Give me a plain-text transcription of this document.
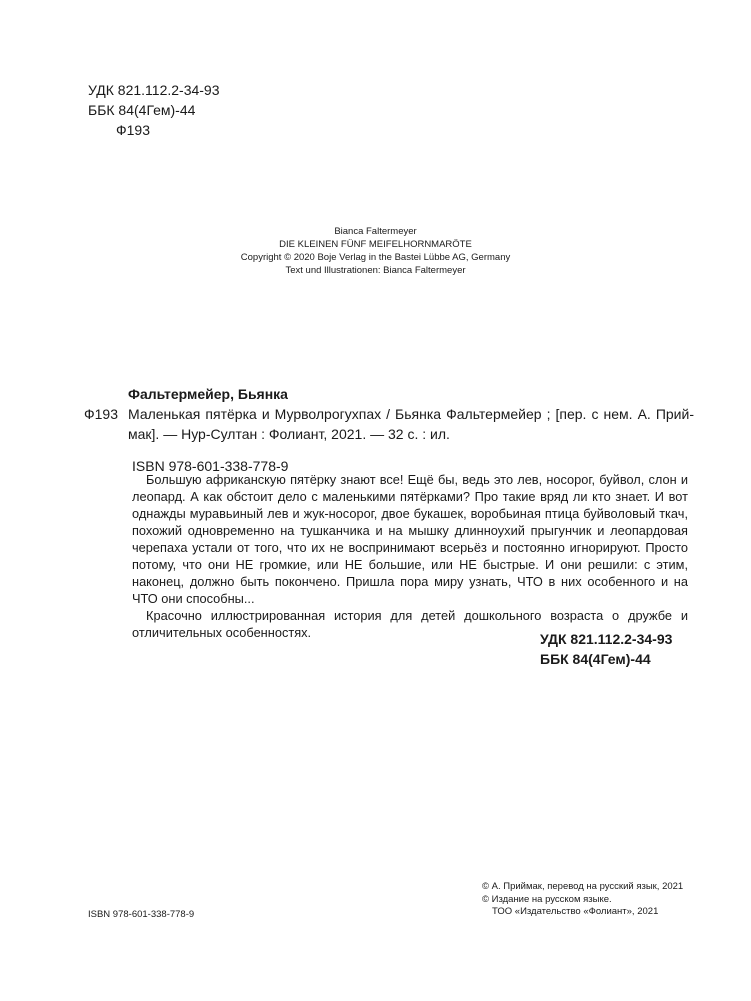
УДК 821.112.2-34-93
ББК 84(4Гем)-44
Ф193
Bianca Faltermeyer
DIE KLEINEN FÜNF MEIFELHORNMARÖTE
Copyright © 2020 Boje Verlag in the Bastei Lübbe AG, Germany
Text und Illustrationen: Bianca Faltermeyer
Фальтермейер, Бьянка
Ф193 Маленькая пятёрка и Мурволрогухпах / Бьянка Фальтермейер ; [пер. с нем. А. Приймак]. — Нур-Султан : Фолиант, 2021. — 32 с. : ил.
ISBN 978-601-338-778-9

Большую африканскую пятёрку знают все! Ещё бы, ведь это лев, носорог, буйвол, слон и леопард. А как обстоит дело с маленькими пятёрками? Про такие вряд ли кто знает. И вот однажды муравьиный лев и жук-носорог, двое букашек, воробьиная птица буйволовый ткач, похожий одновременно на тушканчика и на мышку длинноухий прыгунчик и леопардовая черепаха устали от того, что их не воспринимают всерьёз и постоянно игнорируют. Просто потому, что они НЕ громкие, или НЕ большие, или НЕ быстрые. И они решили: с этим, наконец, должно быть покончено. Пришла пора миру узнать, ЧТО в них особенного и на ЧТО они способны...

Красочно иллюстрированная история для детей дошкольного возраста о дружбе и отличительных особенностях.	УДК 821.112.2-34-93
ББК 84(4Гем)-44
ISBN 978-601-338-778-9
© А. Приймак, перевод на русский язык, 2021
© Издание на русском языке.
ТОО «Издательство «Фолиант», 2021
